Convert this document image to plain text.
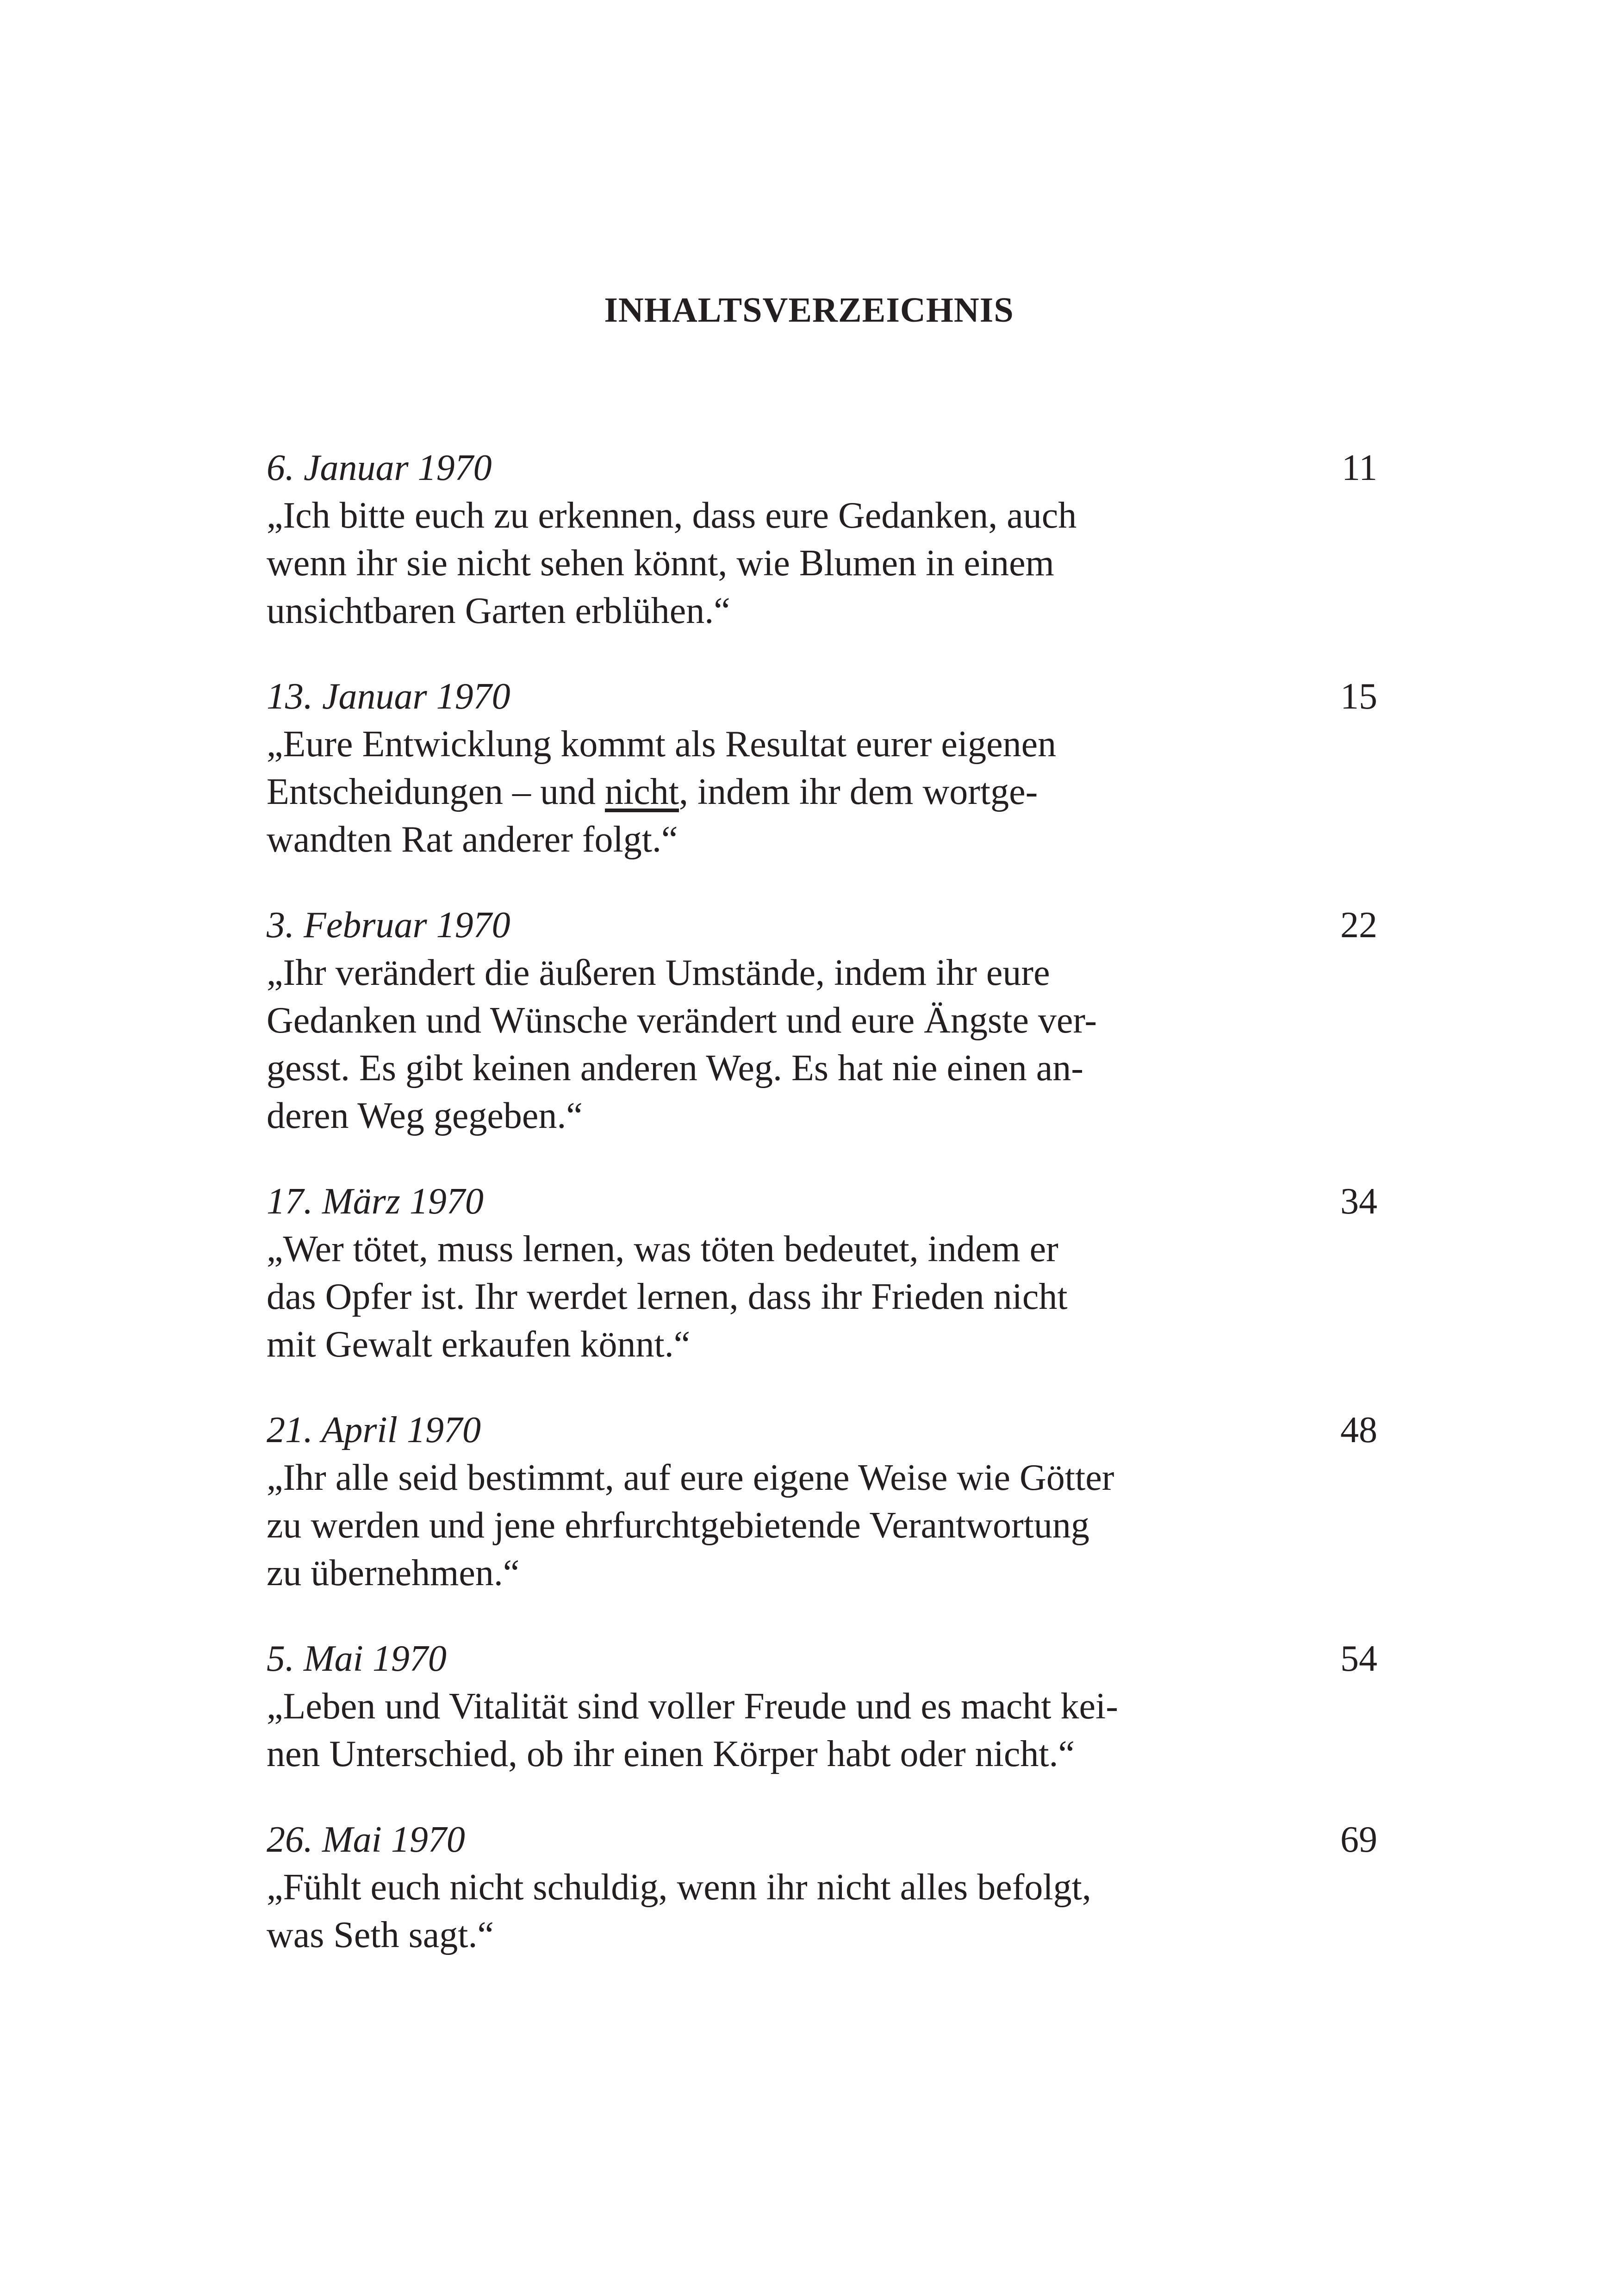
INHALTSVERZEICHNIS
6. Januar 1970	11
„Ich bitte euch zu erkennen, dass eure Gedanken, auch
wenn ihr sie nicht sehen könnt, wie Blumen in einem
unsichtbaren Garten erblühen.“
13. Januar 1970	15
„Eure Entwicklung kommt als Resultat eurer eigenen
Entscheidungen – und nicht, indem ihr dem wortge-
wandten Rat anderer folgt.“
3. Februar 1970	22
„Ihr verändert die äußeren Umstände, indem ihr eure
Gedanken und Wünsche verändert und eure Ängste ver-
gesst. Es gibt keinen anderen Weg. Es hat nie einen an-
deren Weg gegeben.“
17. März 1970	34
„Wer tötet, muss lernen, was töten bedeutet, indem er
das Opfer ist. Ihr werdet lernen, dass ihr Frieden nicht
mit Gewalt erkaufen könnt.“
21. April 1970	48
„Ihr alle seid bestimmt, auf eure eigene Weise wie Götter
zu werden und jene ehrfurchtgebietende Verantwortung
zu übernehmen.“
5. Mai 1970	54
„Leben und Vitalität sind voller Freude und es macht kei-
nen Unterschied, ob ihr einen Körper habt oder nicht.“
26. Mai 1970	69
„Fühlt euch nicht schuldig, wenn ihr nicht alles befolgt,
was Seth sagt.“
